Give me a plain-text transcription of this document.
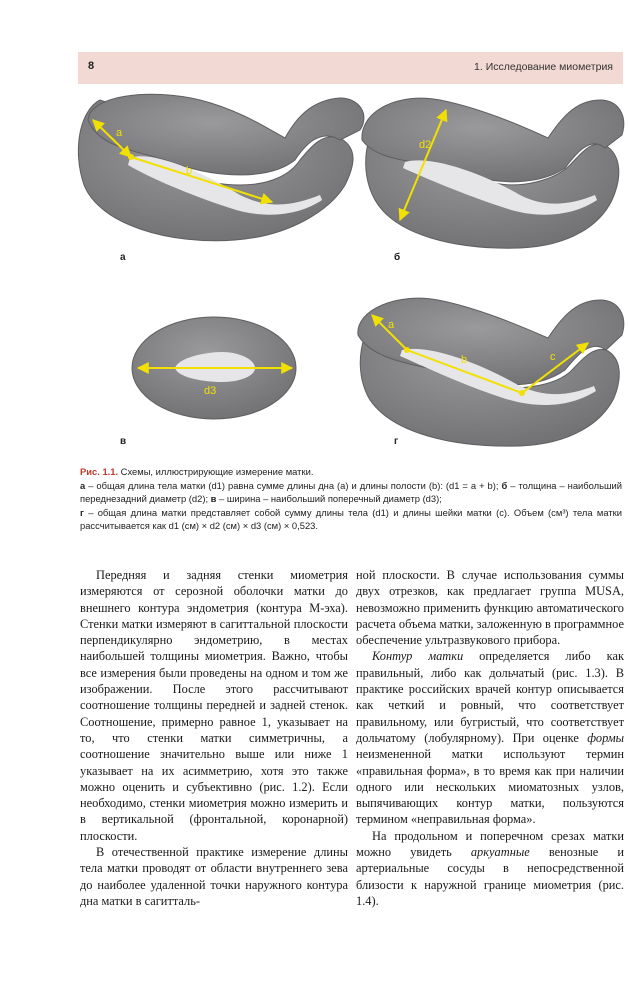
8	1. Исследование миометрия
a
b
d2
d3
a
b	c
а	б
в	г

Рис. 1.1. Схемы, иллюстрирующие измерение матки.

а – общая длина тела матки (d1) равна сумме длины дна (a) и длины полости (b): (d1 = a + b); б – толщина – наибольший переднезадний диаметр (d2); в – ширина – наибольший поперечный диаметр (d3);
г – общая длина матки представляет собой сумму длины тела (d1) и длины шейки матки (c). Объем (см³) тела матки рассчитывается как d1 (см) × d2 (см) × d3 (см) × 0,523.

Передняя и задняя стенки миометрия измеряются от серозной оболочки матки до внешнего контура эндометрия (контура М-эха). Стенки матки измеряют в сагиттальной плоскости перпендикулярно эндометрию, в местах наибольшей толщины миометрия. Важно, чтобы все измерения были проведены на одном и том же изображении. После этого рассчитывают соотношение толщины передней и задней стенок. Соотношение, примерно равное 1, указывает на то, что стенки матки симметричны, а соотношение значительно выше или ниже 1 указывает на их асимметрию, хотя это также можно оценить и субъективно (рис. 1.2). Если необходимо, стенки миометрия можно измерить и в вертикальной (фронтальной, коронарной) плоскости.

В отечественной практике измерение длины тела матки проводят от области внутреннего зева до наиболее удаленной точки наружного контура дна матки в сагитталь-

ной плоскости. В случае использования суммы двух отрезков, как предлагает группа MUSA, невозможно применить функцию автоматического расчета объема матки, заложенную в программное обеспечение ультразвукового прибора.

Контур матки определяется либо как правильный, либо как дольчатый (рис. 1.3). В практике российских врачей контур описывается как четкий и ровный, что соответствует правильному, или бугристый, что соответствует дольчатому (лобулярному). При оценке формы неизмененной матки используют термин «правильная форма», в то время как при наличии одного или нескольких миоматозных узлов, выпячивающих контур матки, пользуются термином «неправильная форма».

На продольном и поперечном срезах матки можно увидеть аркуатные венозные и артериальные сосуды в непосредственной близости к наружной границе миометрия (рис. 1.4).
